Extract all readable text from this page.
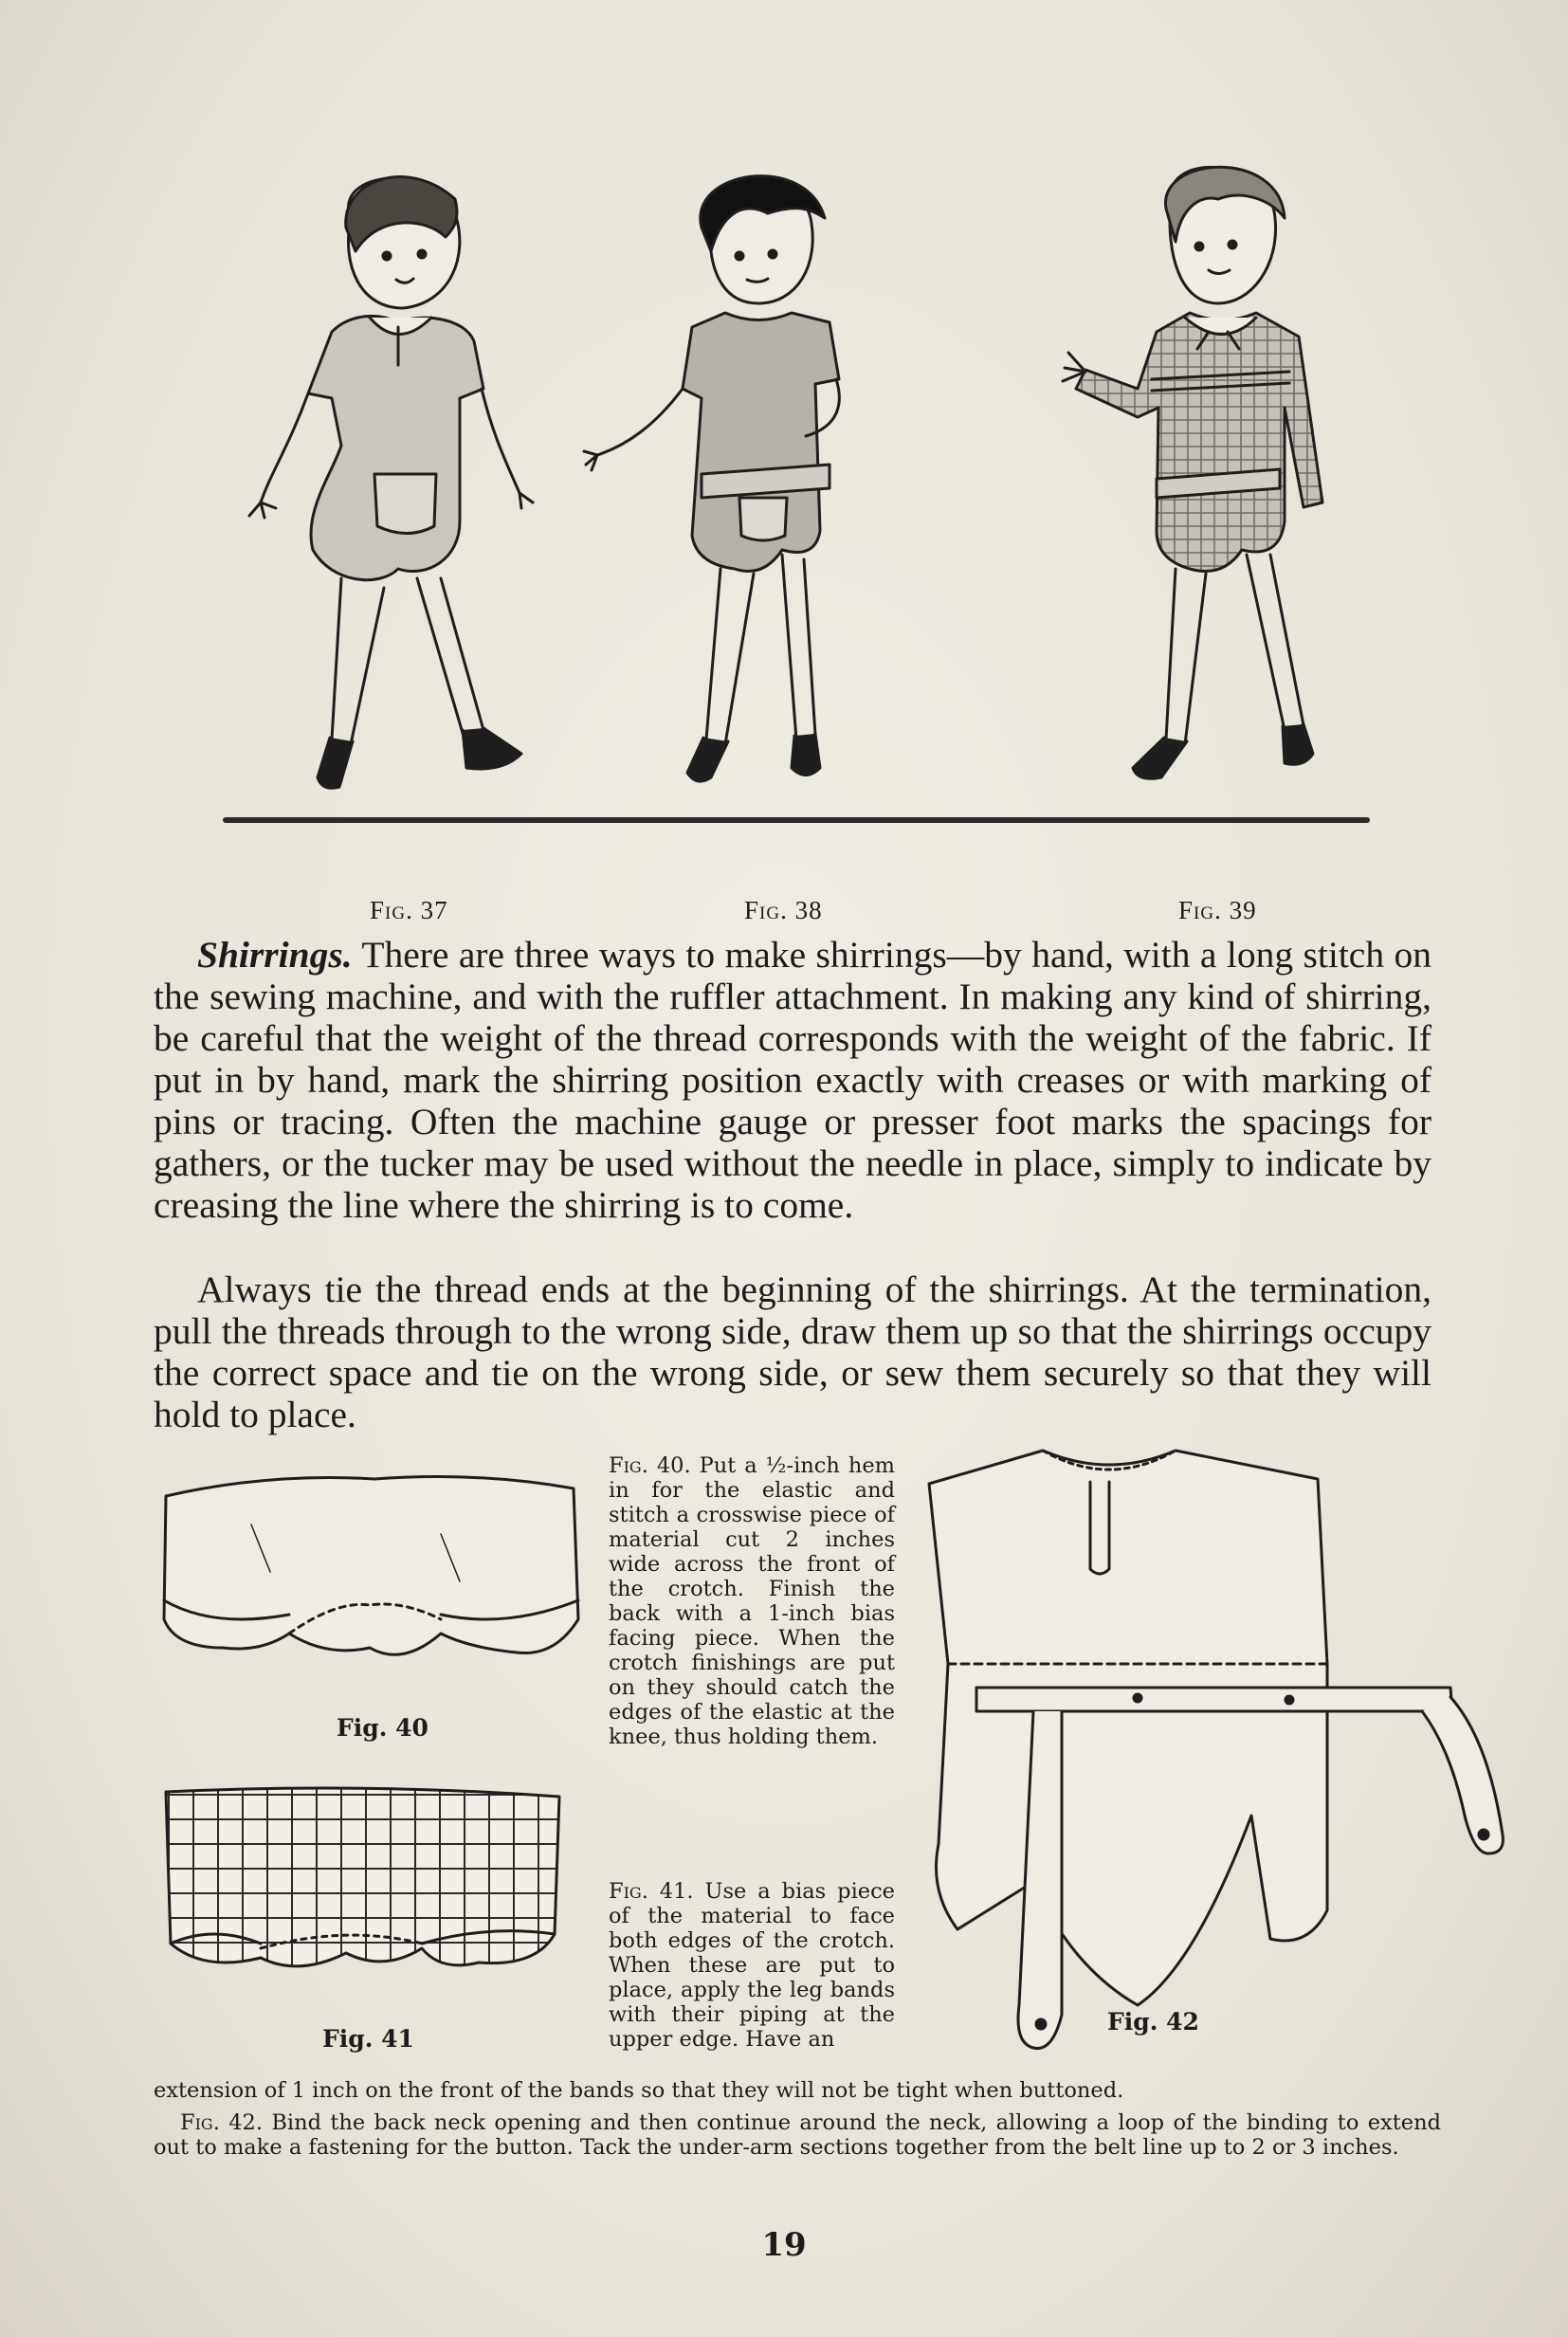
Fig. 37	Fig. 38	Fig. 39
Shirrings. There are three ways to make shirrings—by hand, with a long stitch on the sewing machine, and with the ruffler attachment. In making any kind of shirring, be careful that the weight of the thread corresponds with the weight of the fabric. If put in by hand, mark the shirring position exactly with creases or with marking of pins or tracing. Often the machine gauge or presser foot marks the spacings for gathers, or the tucker may be used without the needle in place, simply to indicate by creasing the line where the shirring is to come.
Always tie the thread ends at the beginning of the shirrings. At the termination, pull the threads through to the wrong side, draw them up so that the shirrings occupy the correct space and tie on the wrong side, or sew them securely so that they will hold to place.
Fig. 40
Fig. 40. Put a ½-inch hem in for the elastic and stitch a crosswise piece of material cut 2 inches wide across the front of the crotch. Finish the back with a 1-inch bias facing piece. When the crotch finishings are put on they should catch the edges of the elastic at the knee, thus holding them.
Fig. 41
Fig. 41. Use a bias piece of the material to face both edges of the crotch. When these are put to place, apply the leg bands with their piping at the upper edge. Have an
extension of 1 inch on the front of the bands so that they will not be tight when buttoned.
Fig. 42
Fig. 42. Bind the back neck opening and then continue around the neck, allowing a loop of the binding to extend out to make a fastening for the button. Tack the under-arm sections together from the belt line up to 2 or 3 inches.
19
